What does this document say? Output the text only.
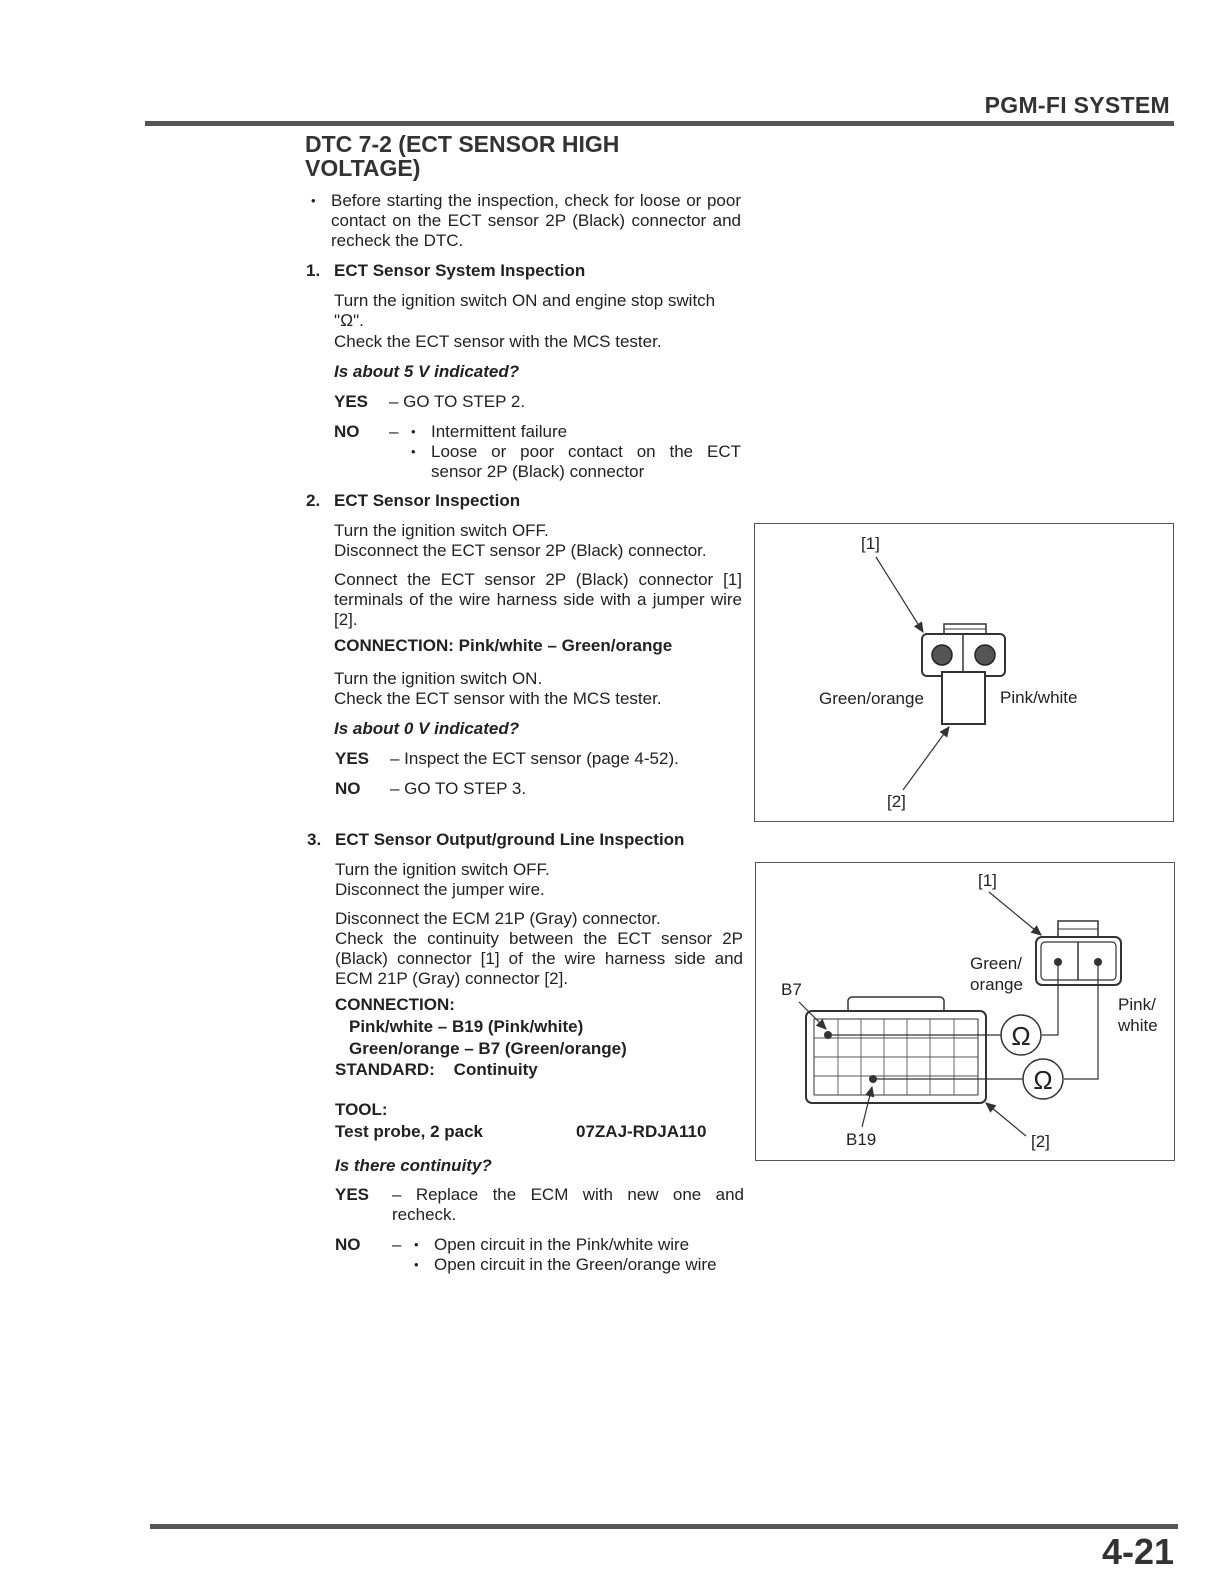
PGM-FI SYSTEM
DTC 7-2 (ECT SENSOR HIGH VOLTAGE)
• Before starting the inspection, check for loose or poor contact on the ECT sensor 2P (Black) connector and recheck the DTC.
1. ECT Sensor System Inspection
Turn the ignition switch ON and engine stop switch "Ω".
Check the ECT sensor with the MCS tester.
Is about 5 V indicated?
YES – GO TO STEP 2.
NO – • Intermittent failure
• Loose or poor contact on the ECT sensor 2P (Black) connector
2. ECT Sensor Inspection
Turn the ignition switch OFF.
Disconnect the ECT sensor 2P (Black) connector.
Connect the ECT sensor 2P (Black) connector [1] terminals of the wire harness side with a jumper wire [2].
CONNECTION: Pink/white – Green/orange
Turn the ignition switch ON.
Check the ECT sensor with the MCS tester.
Is about 0 V indicated?
YES – Inspect the ECT sensor (page 4-52).
NO – GO TO STEP 3.
[1]
Green/orange	Pink/white
[2]
3. ECT Sensor Output/ground Line Inspection
Turn the ignition switch OFF.
Disconnect the jumper wire.
Disconnect the ECM 21P (Gray) connector.
Check the continuity between the ECT sensor 2P (Black) connector [1] of the wire harness side and ECM 21P (Gray) connector [2].
CONNECTION:
Pink/white – B19 (Pink/white)
Green/orange – B7 (Green/orange)
STANDARD:    Continuity
TOOL:
Test probe, 2 pack	07ZAJ-RDJA110
Is there continuity?
YES – Replace the ECM with new one and recheck.
NO – • Open circuit in the Pink/white wire
• Open circuit in the Green/orange wire
[1]
Green/
orange
Pink/
white
Ω
Ω
B7
B19	[2]
4-21
